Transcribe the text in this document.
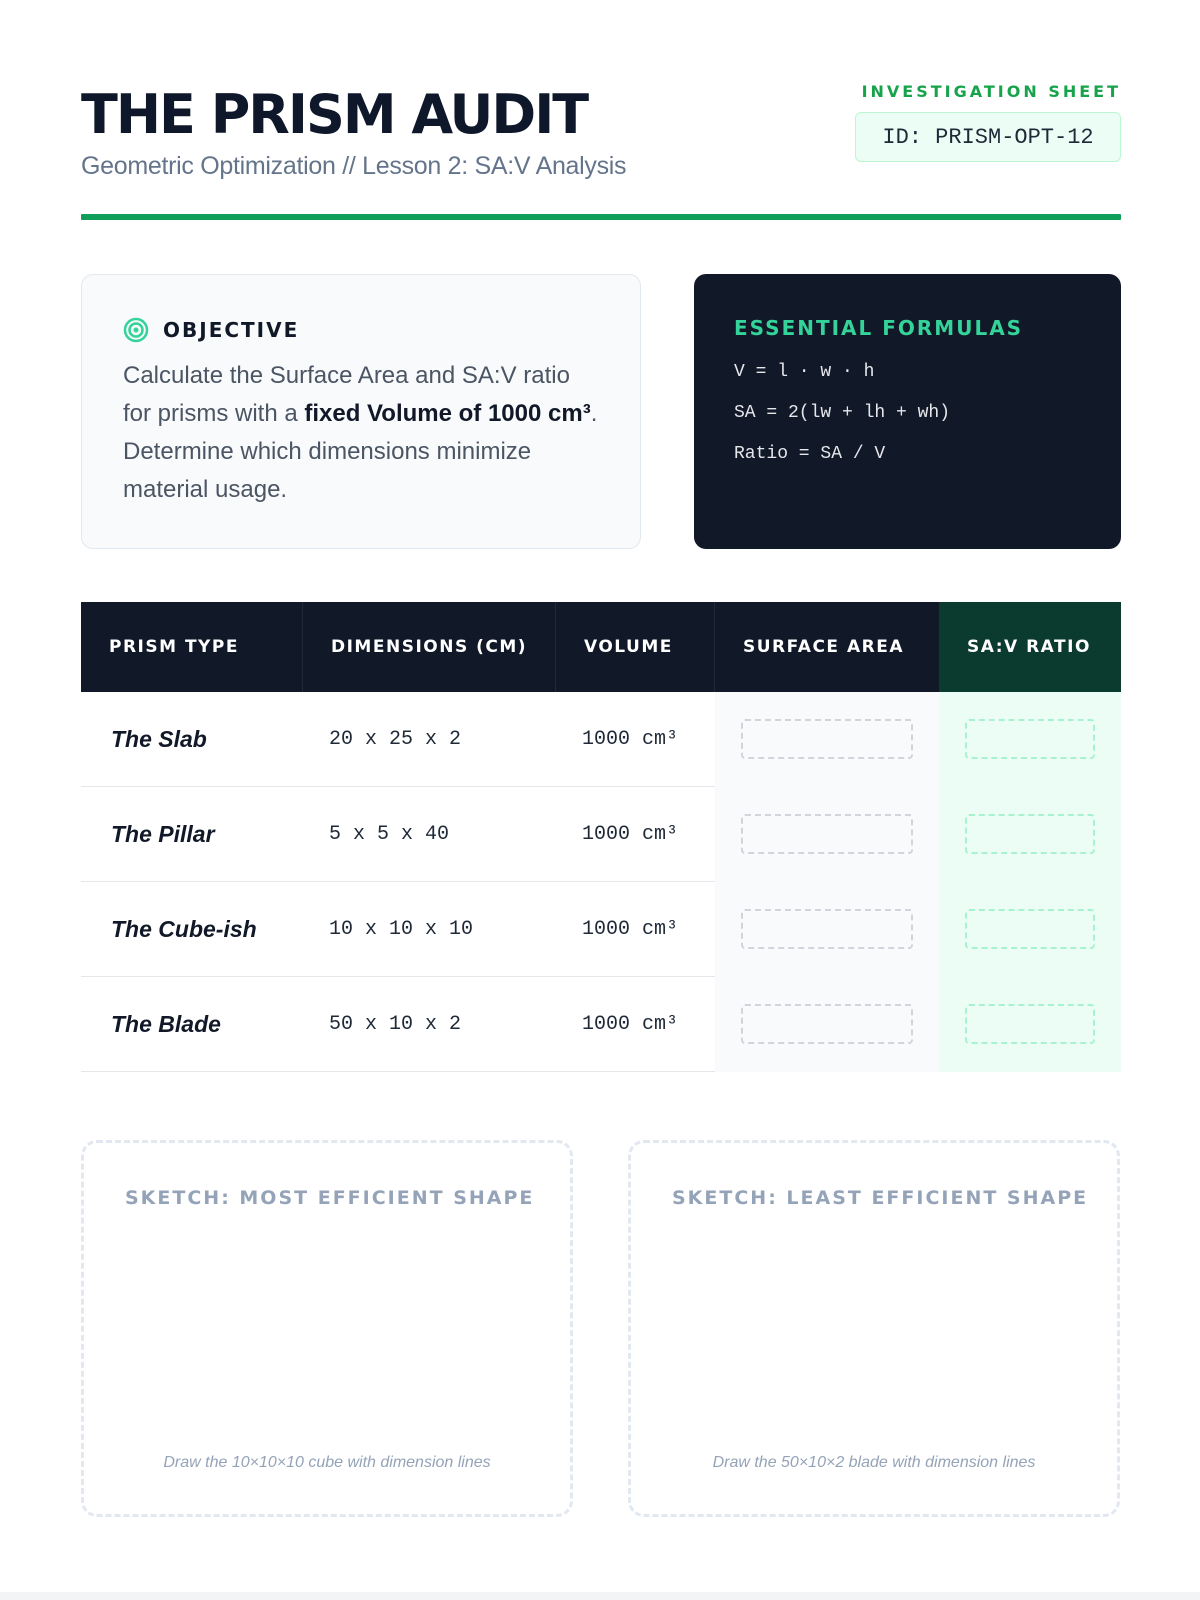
THE PRISM AUDIT
Geometric Optimization // Lesson 2: SA:V Analysis
INVESTIGATION SHEET
ID: PRISM-OPT-12
OBJECTIVE

Calculate the Surface Area and SA:V ratio for prisms with a fixed Volume of 1000 cm³. Determine which dimensions minimize material usage.

ESSENTIAL FORMULAS
V = l · w · h
SA = 2(lw + lh + wh)
Ratio = SA / V
PRISM TYPE	DIMENSIONS (CM)	VOLUME	SURFACE AREA	SA:V RATIO
The Slab	20 x 25 x 2	1000 cm³
The Pillar	5 x 5 x 40	1000 cm³
The Cube-ish	10 x 10 x 10	1000 cm³
The Blade	50 x 10 x 2	1000 cm³
SKETCH: MOST EFFICIENT SHAPE
Draw the 10×10×10 cube with dimension lines
SKETCH: LEAST EFFICIENT SHAPE
Draw the 50×10×2 blade with dimension lines
